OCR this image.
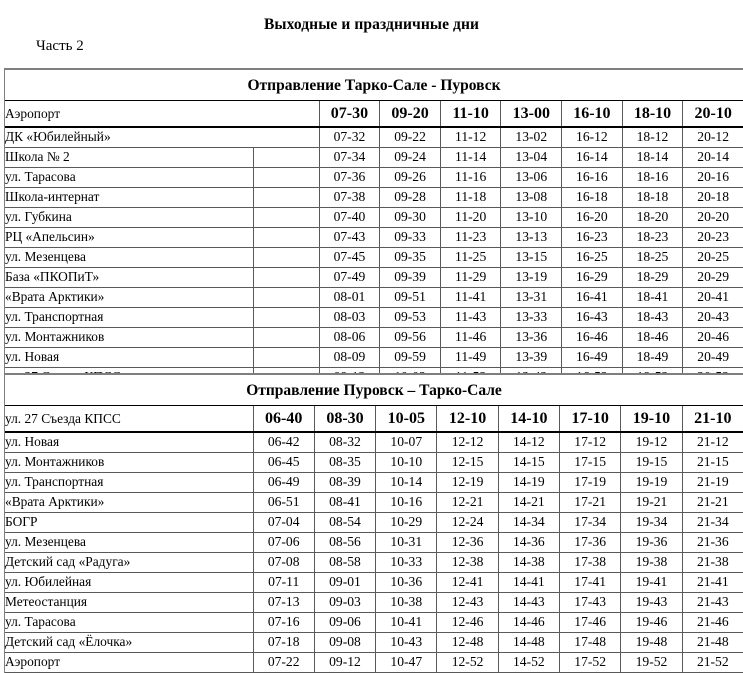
Выходные и праздничные дни
Часть 2
Отправление Тарко-Сале - Пуровск
Аэропорт		07-30	09-20	11-10	13-00	16-10	18-10	20-10
ДК «Юбилейный»		07-32	09-22	11-12	13-02	16-12	18-12	20-12
Школа № 2		07-34	09-24	11-14	13-04	16-14	18-14	20-14
ул. Тарасова		07-36	09-26	11-16	13-06	16-16	18-16	20-16
Школа-интернат		07-38	09-28	11-18	13-08	16-18	18-18	20-18
ул. Губкина		07-40	09-30	11-20	13-10	16-20	18-20	20-20
РЦ «Апельсин»		07-43	09-33	11-23	13-13	16-23	18-23	20-23
ул. Мезенцева		07-45	09-35	11-25	13-15	16-25	18-25	20-25
База «ПКОПиТ»		07-49	09-39	11-29	13-19	16-29	18-29	20-29
«Врата Арктики»		08-01	09-51	11-41	13-31	16-41	18-41	20-41
ул. Транспортная		08-03	09-53	11-43	13-33	16-43	18-43	20-43
ул. Монтажников		08-06	09-56	11-46	13-36	16-46	18-46	20-46
ул. Новая		08-09	09-59	11-49	13-39	16-49	18-49	20-49

Отправление Пуровск – Тарко-Сале
ул. 27 Съезда КПСС	06-40	08-30	10-05	12-10	14-10	17-10	19-10	21-10
ул. Новая	06-42	08-32	10-07	12-12	14-12	17-12	19-12	21-12
ул. Монтажников	06-45	08-35	10-10	12-15	14-15	17-15	19-15	21-15
ул. Транспортная	06-49	08-39	10-14	12-19	14-19	17-19	19-19	21-19
«Врата Арктики»	06-51	08-41	10-16	12-21	14-21	17-21	19-21	21-21
БОГР	07-04	08-54	10-29	12-24	14-34	17-34	19-34	21-34
ул. Мезенцева	07-06	08-56	10-31	12-36	14-36	17-36	19-36	21-36
Детский сад «Радуга»	07-08	08-58	10-33	12-38	14-38	17-38	19-38	21-38
ул. Юбилейная	07-11	09-01	10-36	12-41	14-41	17-41	19-41	21-41
Метеостанция	07-13	09-03	10-38	12-43	14-43	17-43	19-43	21-43
ул. Тарасова	07-16	09-06	10-41	12-46	14-46	17-46	19-46	21-46
Детский сад «Ёлочка»	07-18	09-08	10-43	12-48	14-48	17-48	19-48	21-48
Аэропорт	07-22	09-12	10-47	12-52	14-52	17-52	19-52	21-52
